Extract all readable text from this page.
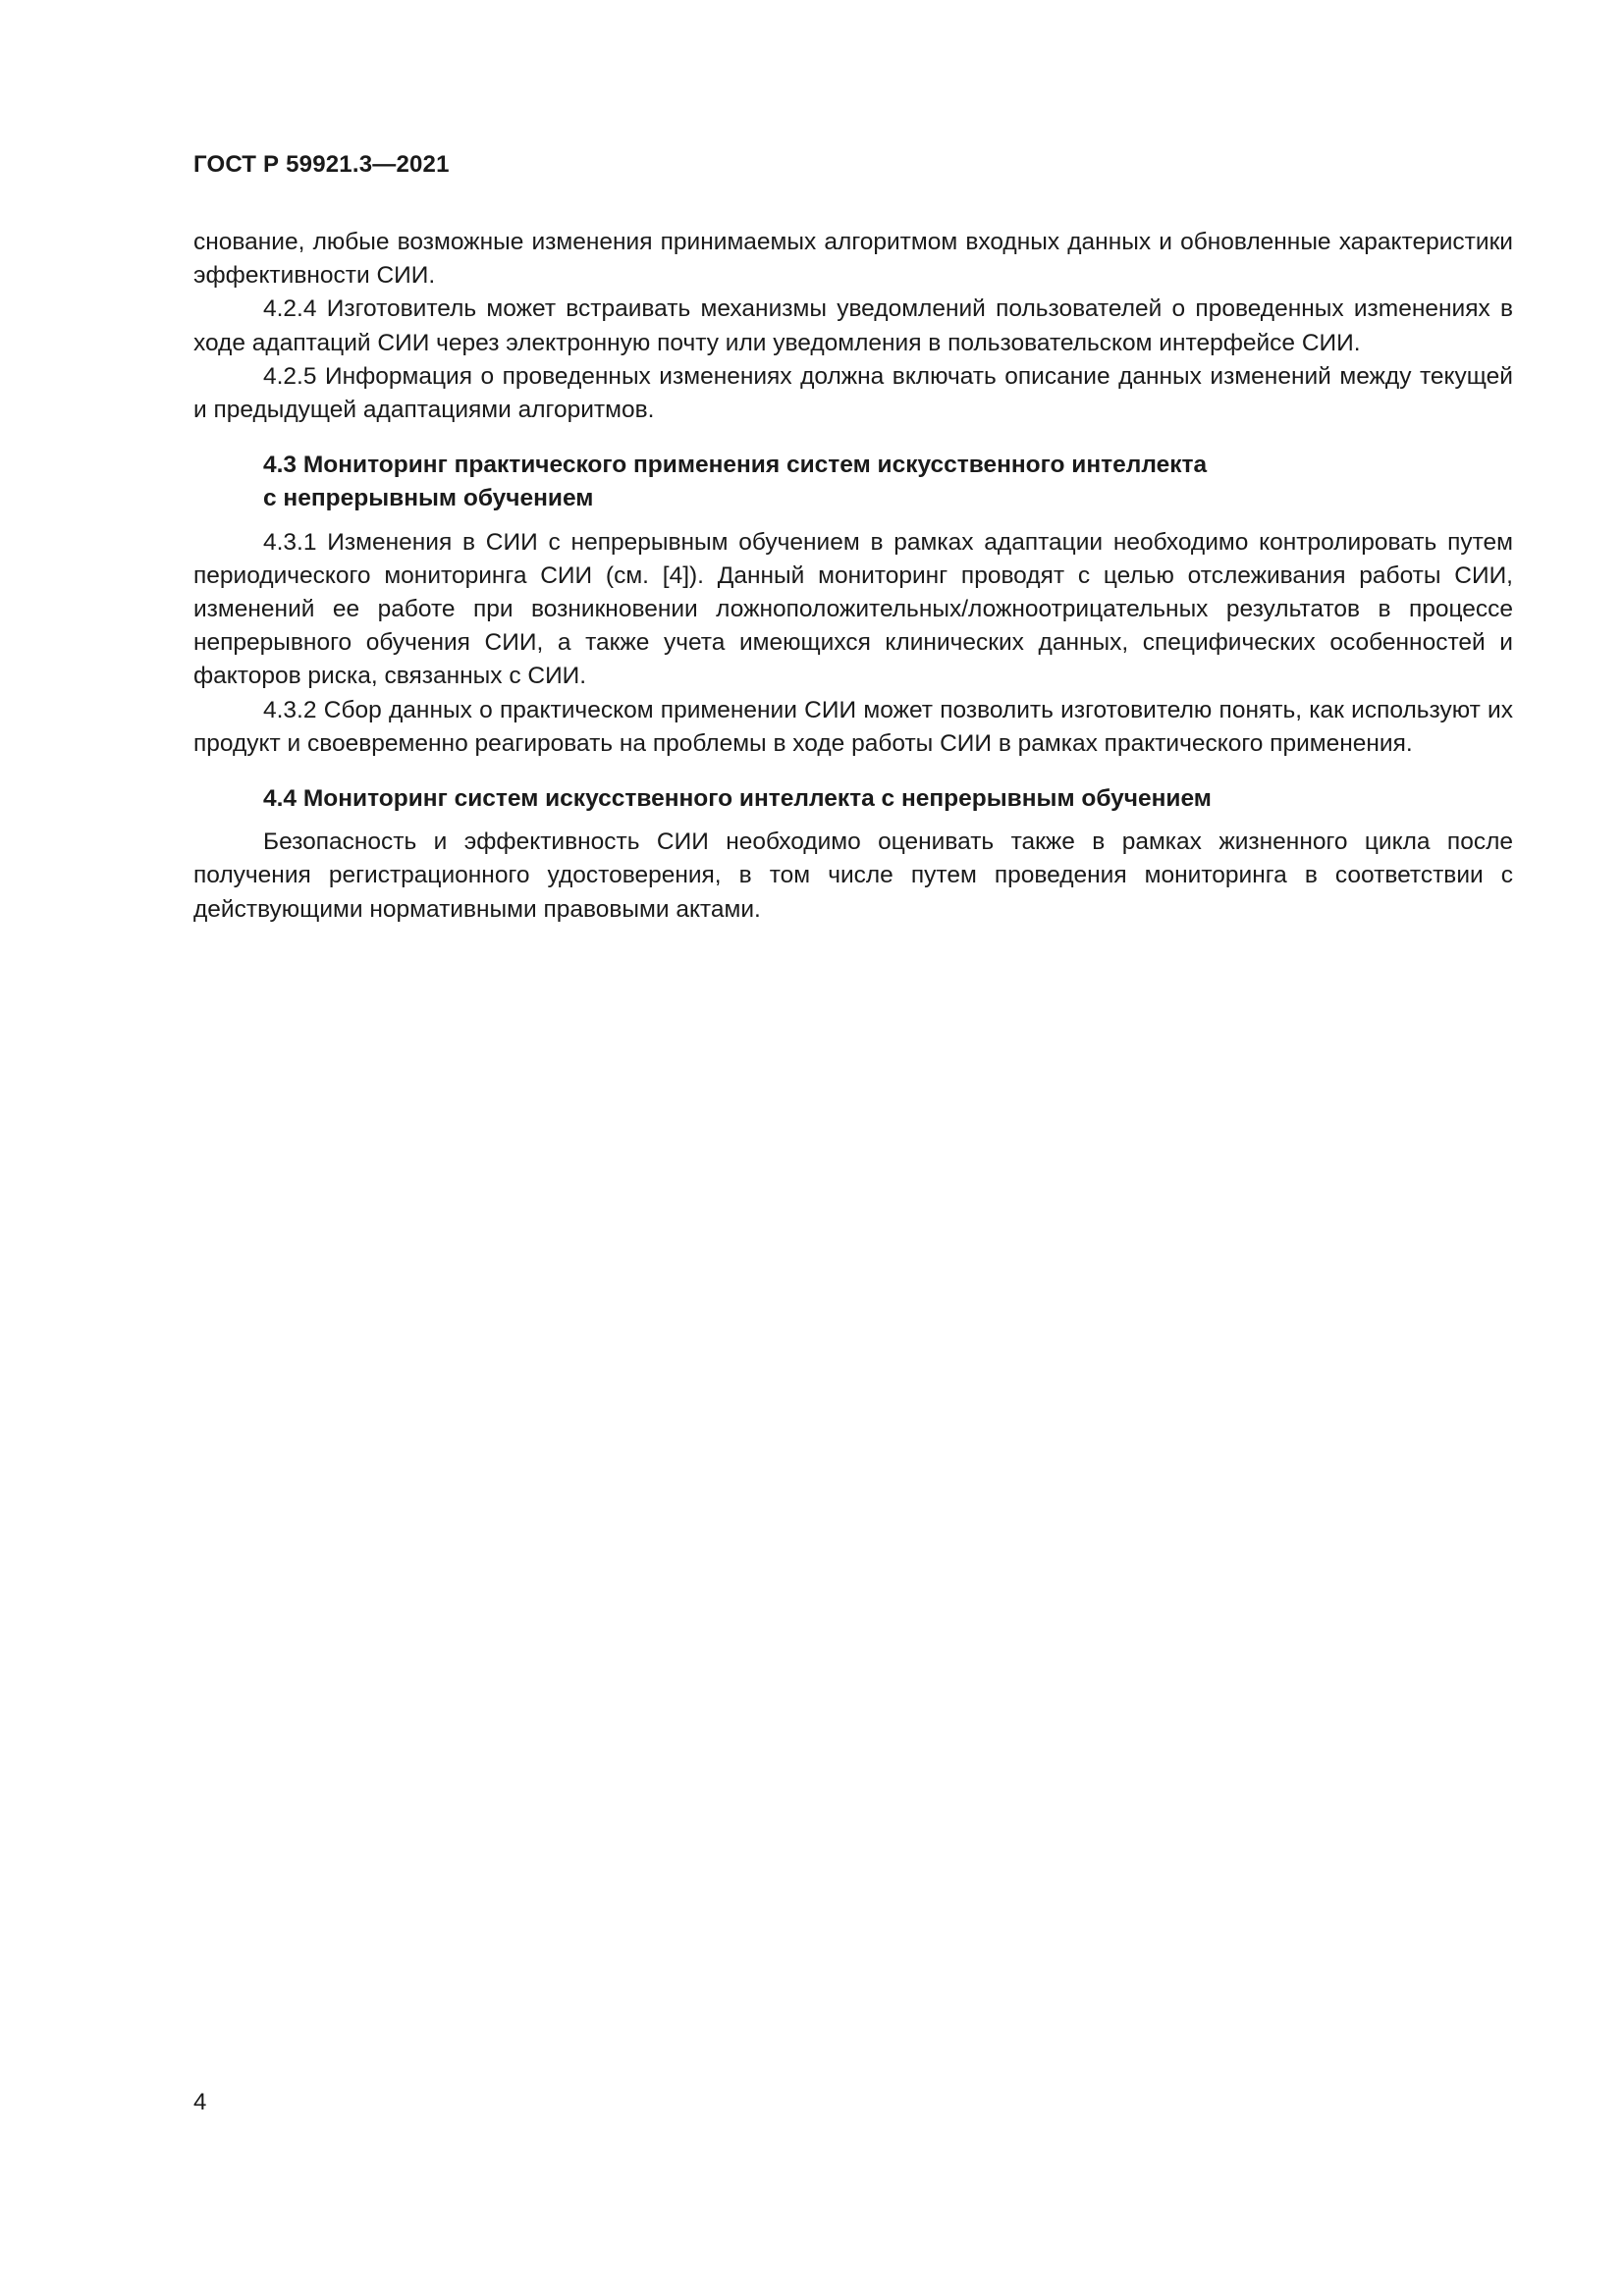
ГОСТ Р 59921.3—2021

снование, любые возможные изменения принимаемых алгоритмом входных данных и обновленные характеристики эффективности СИИ.

4.2.4 Изготовитель может встраивать механизмы уведомлений пользователей о проведенных изmенениях в ходе адаптаций СИИ через электронную почту или уведомления в пользовательском интерфейсе СИИ.

4.2.5 Информация о проведенных изменениях должна включать описание данных изменений между текущей и предыдущей адаптациями алгоритмов.

4.3 Мониторинг практического применения систем искусственного интеллекта
с непрерывным обучением

4.3.1 Изменения в СИИ с непрерывным обучением в рамках адаптации необходимо контролировать путем периодического мониторинга СИИ (см. [4]). Данный мониторинг проводят с целью отслеживания работы СИИ, изменений ее работе при возникновении ложноположительных/ложноотрицательных результатов в процессе непрерывного обучения СИИ, а также учета имеющихся клинических данных, специфических особенностей и факторов риска, связанных с СИИ.

4.3.2 Сбор данных о практическом применении СИИ может позволить изготовителю понять, как используют их продукт и своевременно реагировать на проблемы в ходе работы СИИ в рамках практического применения.

4.4 Мониторинг систем искусственного интеллекта с непрерывным обучением

Безопасность и эффективность СИИ необходимо оценивать также в рамках жизненного цикла после получения регистрационного удостоверения, в том числе путем проведения мониторинга в соответствии с действующими нормативными правовыми актами.

4
